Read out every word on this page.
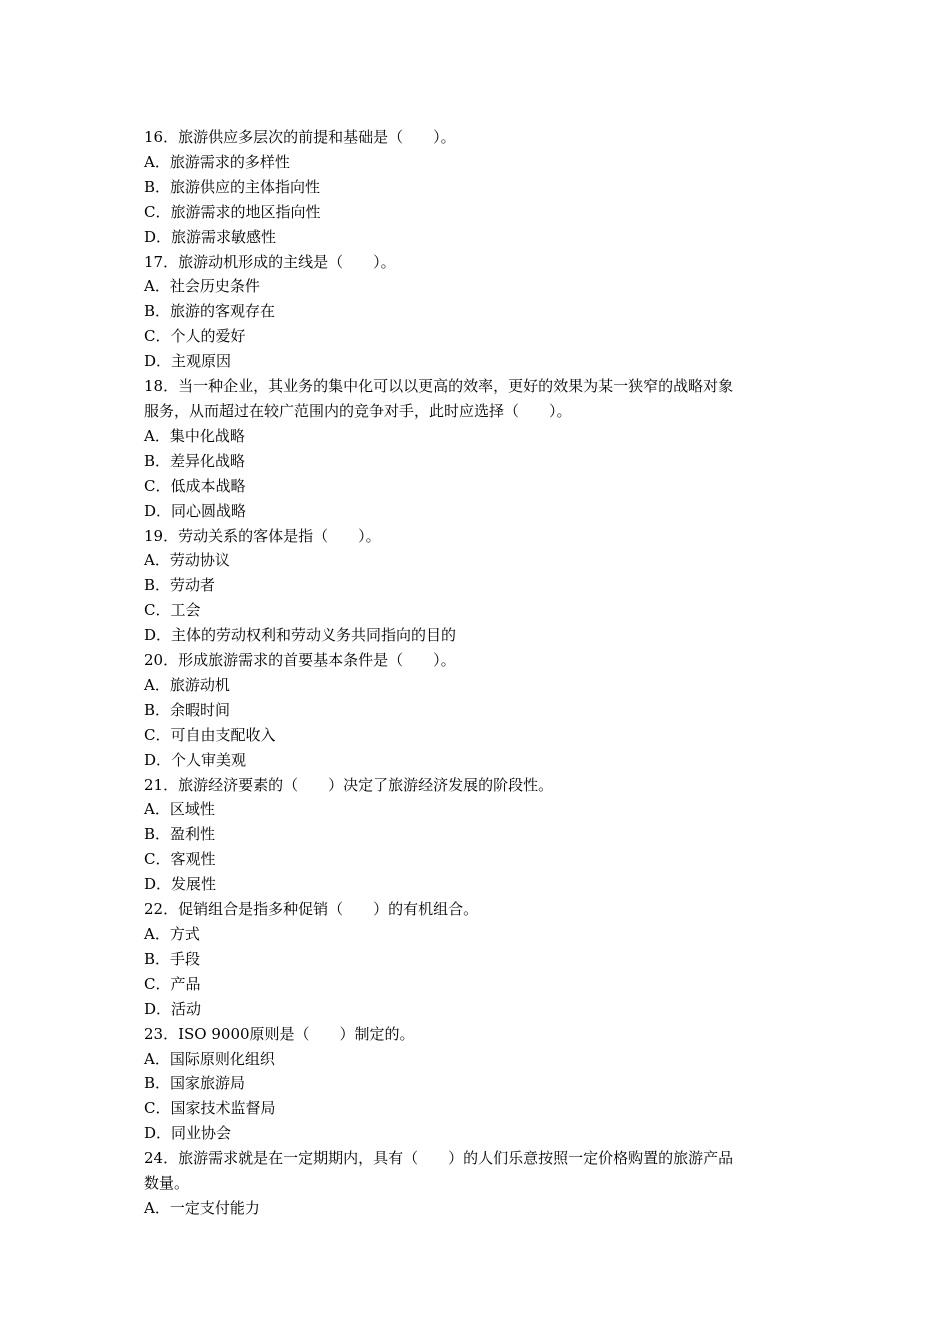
16．旅游供应多层次的前提和基础是（　　）。
A．旅游需求的多样性
B．旅游供应的主体指向性
C．旅游需求的地区指向性
D．旅游需求敏感性
17．旅游动机形成的主线是（　　）。
A．社会历史条件
B．旅游的客观存在
C．个人的爱好
D．主观原因
18．当一种企业，其业务的集中化可以以更高的效率，更好的效果为某一狭窄的战略对象
服务，从而超过在较广范围内的竞争对手，此时应选择（　　）。
A．集中化战略
B．差异化战略
C．低成本战略
D．同心圆战略
19．劳动关系的客体是指（　　）。
A．劳动协议
B．劳动者
C．工会
D．主体的劳动权利和劳动义务共同指向的目的
20．形成旅游需求的首要基本条件是（　　）。
A．旅游动机
B．余暇时间
C．可自由支配收入
D．个人审美观
21．旅游经济要素的（　　）决定了旅游经济发展的阶段性。
A．区域性
B．盈利性
C．客观性
D．发展性
22．促销组合是指多种促销（　　）的有机组合。
A．方式
B．手段
C．产品
D．活动
23．ISO 9000原则是（　　）制定的。
A．国际原则化组织
B．国家旅游局
C．国家技术监督局
D．同业协会
24．旅游需求就是在一定期期内，具有（　　）的人们乐意按照一定价格购置的旅游产品
数量。
A．一定支付能力
